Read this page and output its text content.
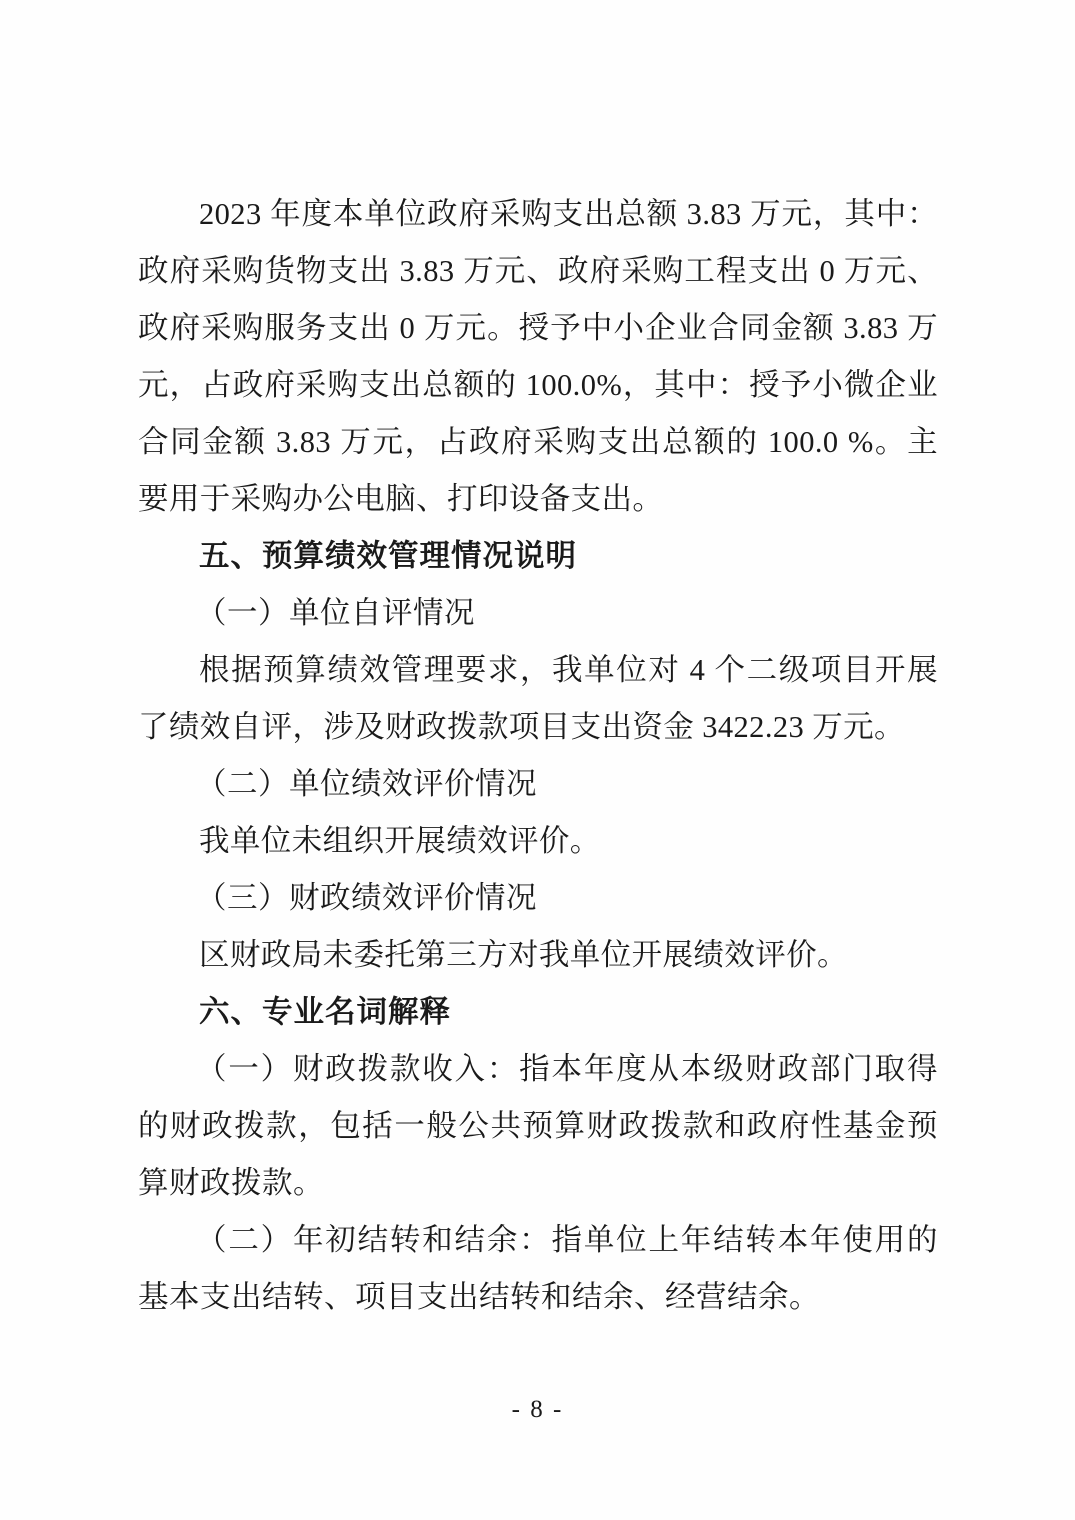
2023 年度本单位政府采购支出总额 3.83 万元，其中：政府采购货物支出 3.83 万元、政府采购工程支出 0 万元、政府采购服务支出 0 万元。授予中小企业合同金额 3.83 万元，占政府采购支出总额的 100.0%，其中：授予小微企业合同金额 3.83 万元，占政府采购支出总额的 100.0 %。主要用于采购办公电脑、打印设备支出。

五、预算绩效管理情况说明

（一）单位自评情况

根据预算绩效管理要求，我单位对 4 个二级项目开展了绩效自评，涉及财政拨款项目支出资金 3422.23 万元。

（二）单位绩效评价情况

我单位未组织开展绩效评价。

（三）财政绩效评价情况

区财政局未委托第三方对我单位开展绩效评价。

六、专业名词解释

（一）财政拨款收入：指本年度从本级财政部门取得的财政拨款，包括一般公共预算财政拨款和政府性基金预算财政拨款。

（二）年初结转和结余：指单位上年结转本年使用的基本支出结转、项目支出结转和结余、经营结余。

- 8 -
